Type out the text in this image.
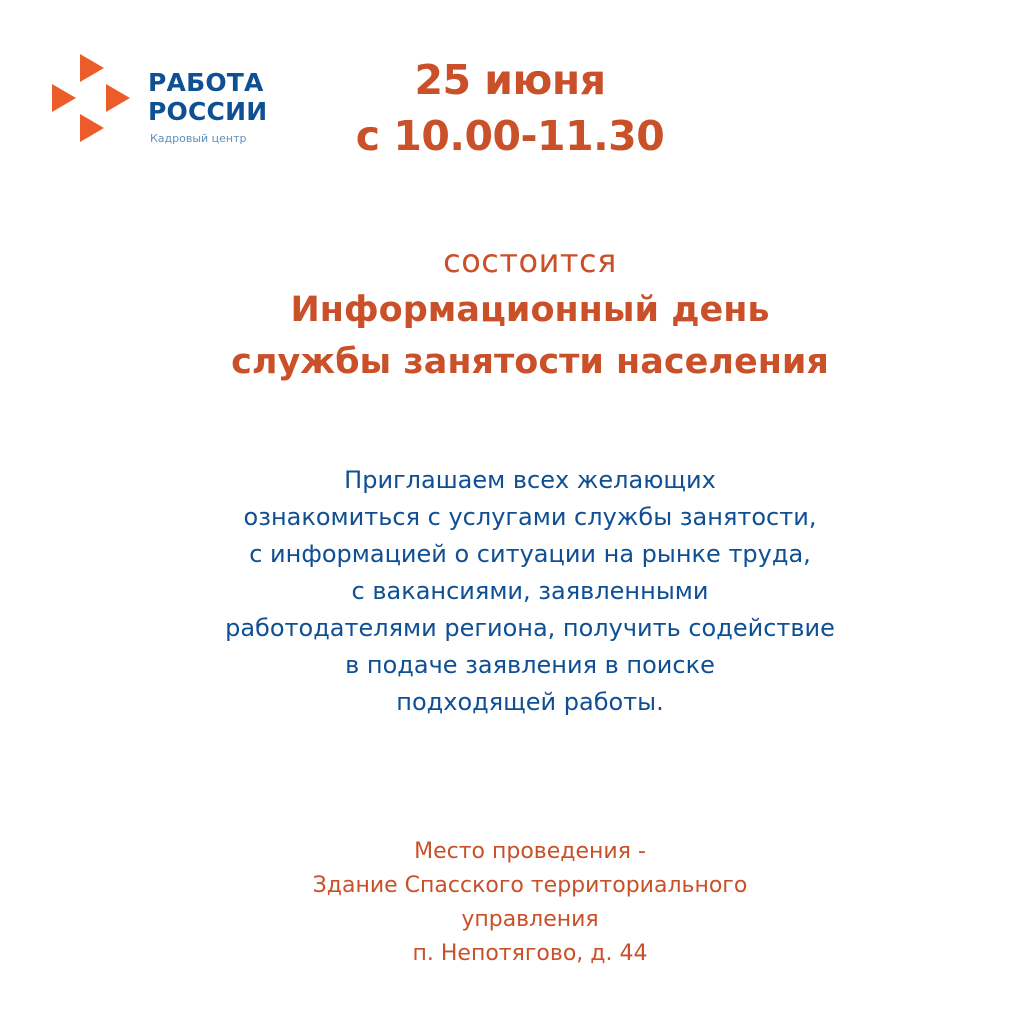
РАБОТА
РОССИИ
Кадровый центр
25 июня
с 10.00-11.30
состоится
Информационный день
службы занятости населения
Приглашаем всех желающих
ознакомиться с услугами службы занятости,
с информацией о ситуации на рынке труда,
с вакансиями, заявленными
работодателями региона, получить содействие
в подаче заявления в поиске
подходящей работы.
Место проведения -
Здание Спасского территориального
управления
п. Непотягово, д. 44
